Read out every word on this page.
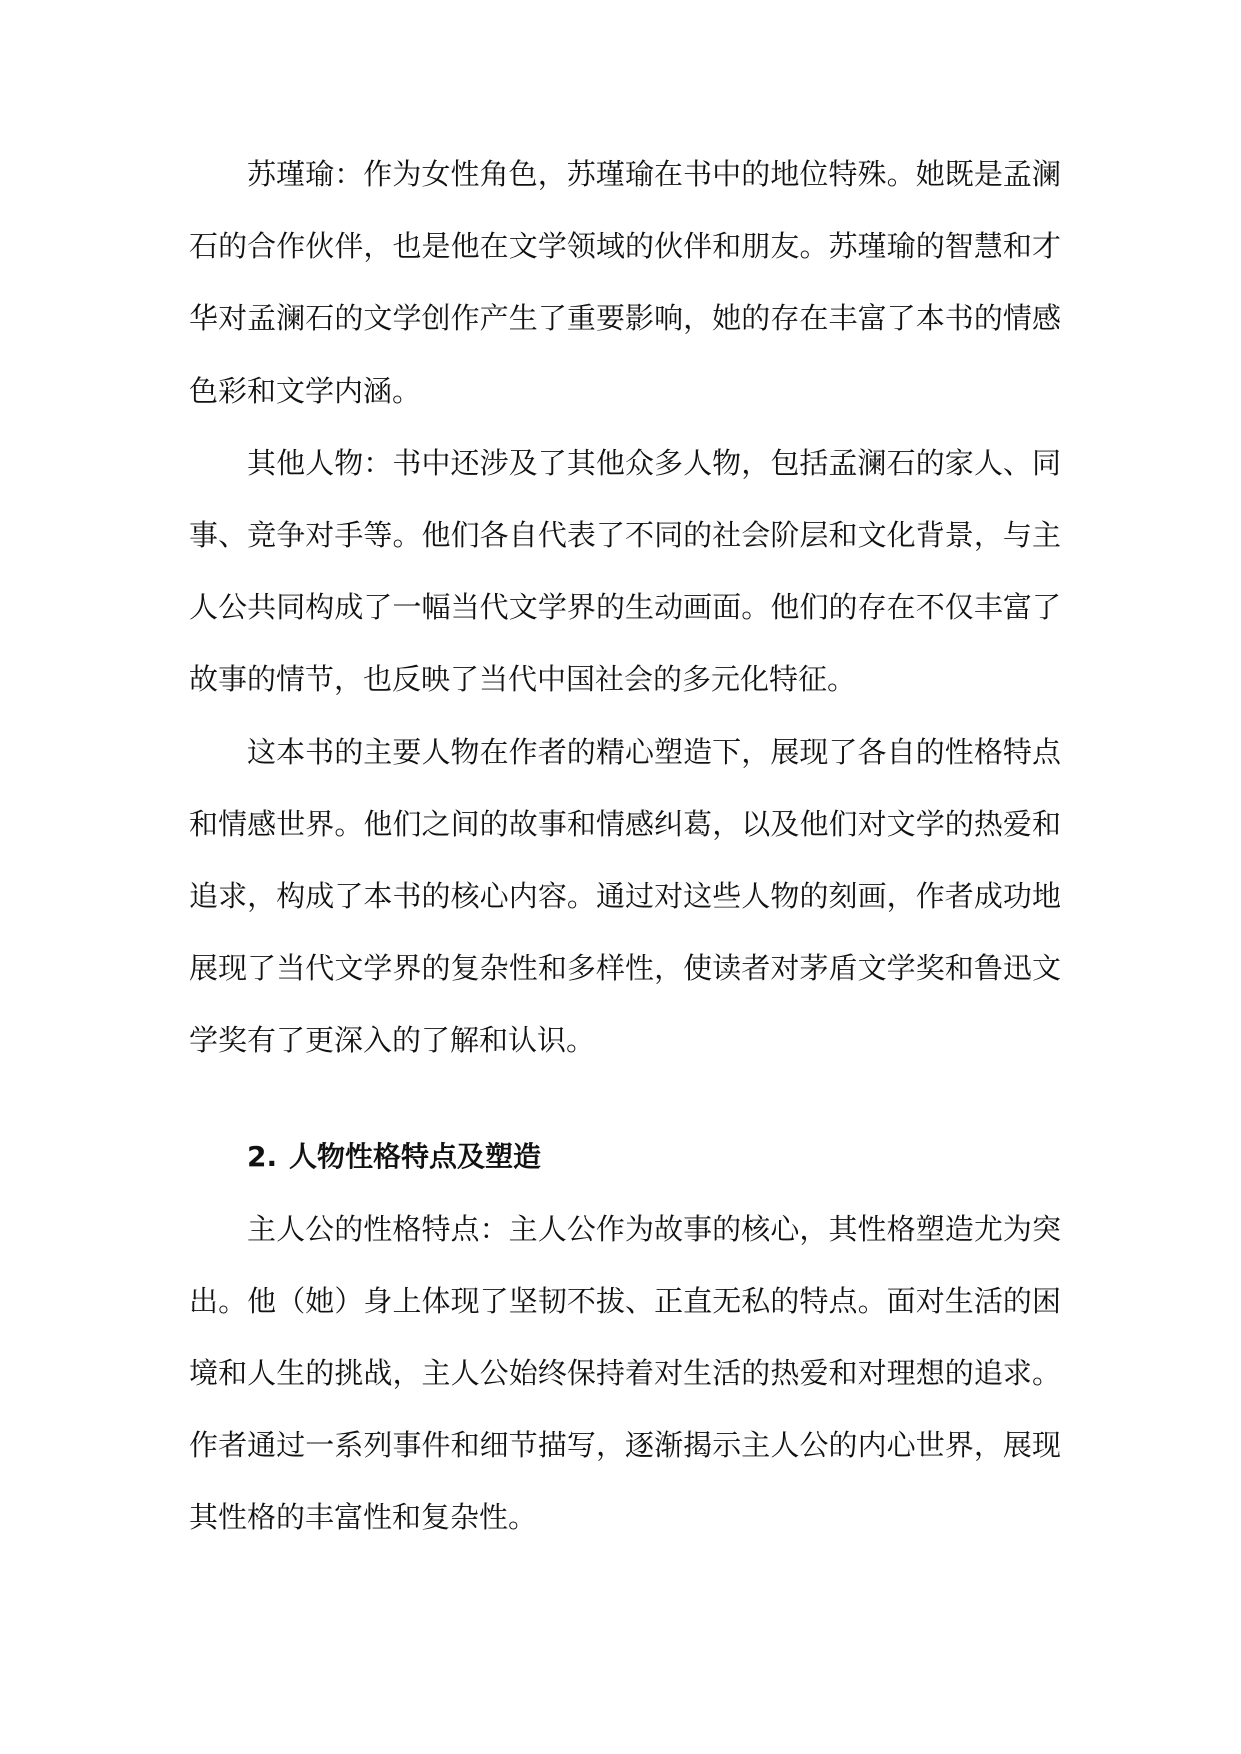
苏瑾瑜：作为女性角色，苏瑾瑜在书中的地位特殊。她既是孟澜石的合作伙伴，也是他在文学领域的伙伴和朋友。苏瑾瑜的智慧和才华对孟澜石的文学创作产生了重要影响，她的存在丰富了本书的情感色彩和文学内涵。

其他人物：书中还涉及了其他众多人物，包括孟澜石的家人、同事、竞争对手等。他们各自代表了不同的社会阶层和文化背景，与主人公共同构成了一幅当代文学界的生动画面。他们的存在不仅丰富了故事的情节，也反映了当代中国社会的多元化特征。

这本书的主要人物在作者的精心塑造下，展现了各自的性格特点和情感世界。他们之间的故事和情感纠葛，以及他们对文学的热爱和追求，构成了本书的核心内容。通过对这些人物的刻画，作者成功地展现了当代文学界的复杂性和多样性，使读者对茅盾文学奖和鲁迅文学奖有了更深入的了解和认识。

2. 人物性格特点及塑造

主人公的性格特点：主人公作为故事的核心，其性格塑造尤为突出。他（她）身上体现了坚韧不拔、正直无私的特点。面对生活的困境和人生的挑战，主人公始终保持着对生活的热爱和对理想的追求。作者通过一系列事件和细节描写，逐渐揭示主人公的内心世界，展现其性格的丰富性和复杂性。
